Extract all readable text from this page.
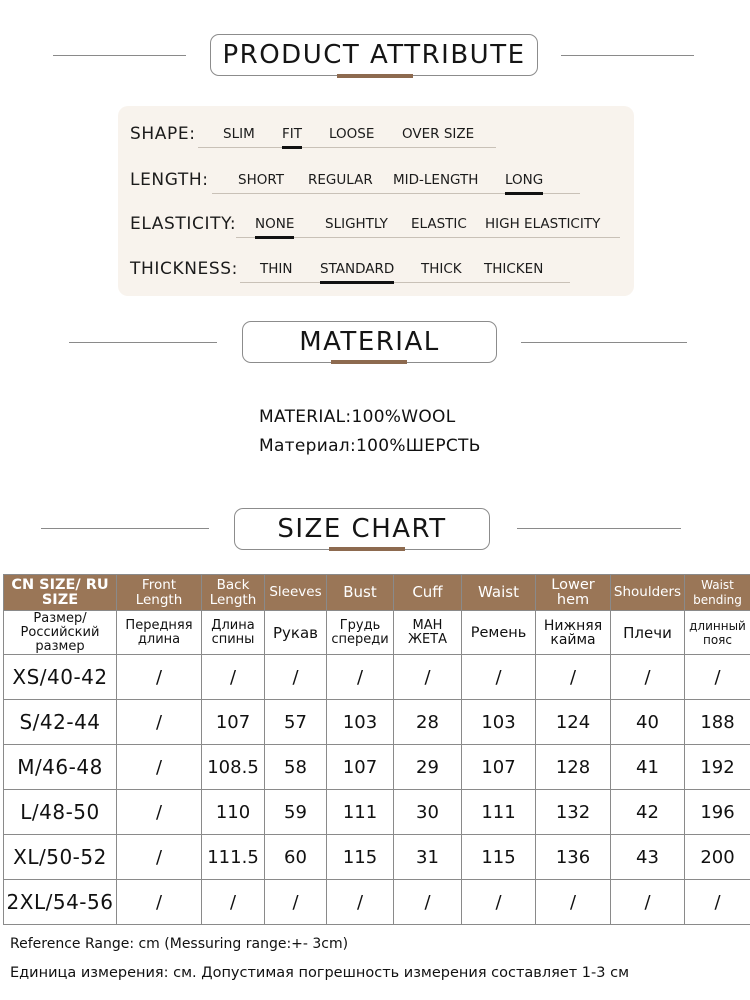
PRODUCT ATTRIBUTE
SHAPE: SLIM FIT LOOSE OVER SIZE
LENGTH: SHORT REGULAR MID-LENGTH LONG
ELASTICITY: NONE SLIGHTLY ELASTIC HIGH ELASTICITY
THICKNESS: THIN STANDARD THICK THICKEN
MATERIAL
MATERIAL:100%WOOL
Материал:100%ШЕРСТЬ
SIZE CHART
CN SIZE/ RU SIZE	Front Length	Back Length	Sleeves	Bust	Cuff	Waist	Lower hem	Shoulders	Waist bending
Размер/ Российский размер	Передняя длина	Длина спины	Рукав	Грудь спереди	МАН ЖЕТА	Ремень	Нижняя кайма	Плечи	длинный пояс
XS/40-42	/	/	/	/	/	/	/	/	/
S/42-44	/	107	57	103	28	103	124	40	188
M/46-48	/	108.5	58	107	29	107	128	41	192
L/48-50	/	110	59	111	30	111	132	42	196
XL/50-52	/	111.5	60	115	31	115	136	43	200
2XL/54-56	/	/	/	/	/	/	/	/	/
Reference Range: cm (Messuring range:+- 3cm)
Единица измерения: см. Допустимая погрешность измерения составляет 1-3 см
